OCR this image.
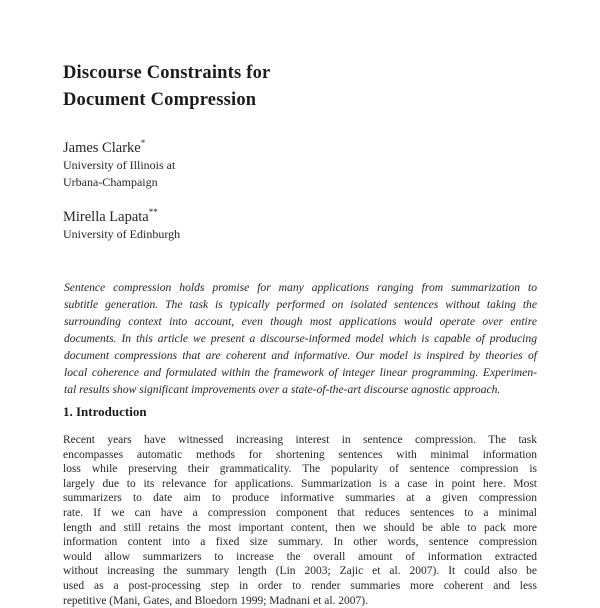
Discourse Constraints for
Document Compression
James Clarke*
University of Illinois at
Urbana-Champaign
Mirella Lapata**
University of Edinburgh
Sentence compression holds promise for many applications ranging from summarization to
subtitle generation. The task is typically performed on isolated sentences without taking the
surrounding context into account, even though most applications would operate over entire
documents. In this article we present a discourse-informed model which is capable of producing
document compressions that are coherent and informative. Our model is inspired by theories of
local coherence and formulated within the framework of integer linear programming. Experimen-
tal results show significant improvements over a state-of-the-art discourse agnostic approach.
1. Introduction
Recent years have witnessed increasing interest in sentence compression. The task
encompasses automatic methods for shortening sentences with minimal information
loss while preserving their grammaticality. The popularity of sentence compression is
largely due to its relevance for applications. Summarization is a case in point here. Most
summarizers to date aim to produce informative summaries at a given compression
rate. If we can have a compression component that reduces sentences to a minimal
length and still retains the most important content, then we should be able to pack more
information content into a fixed size summary. In other words, sentence compression
would allow summarizers to increase the overall amount of information extracted
without increasing the summary length (Lin 2003; Zajic et al. 2007). It could also be
used as a post-processing step in order to render summaries more coherent and less
repetitive (Mani, Gates, and Bloedorn 1999; Madnani et al. 2007).
